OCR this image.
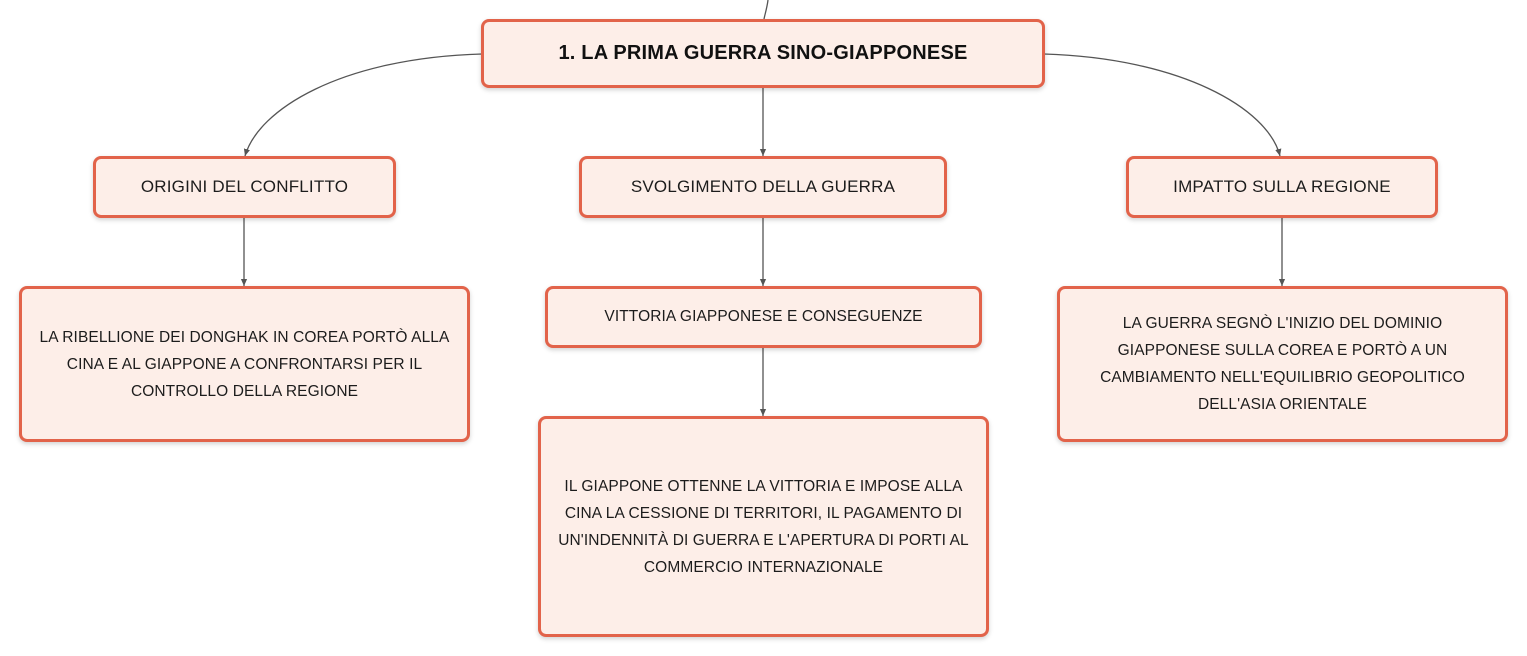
1. LA PRIMA GUERRA SINO-GIAPPONESE
ORIGINI DEL CONFLITTO	SVOLGIMENTO DELLA GUERRA	IMPATTO SULLA REGIONE
LA RIBELLIONE DEI DONGHAK IN COREA PORTÒ ALLA CINA E AL GIAPPONE A CONFRONTARSI PER IL CONTROLLO DELLA REGIONE
VITTORIA GIAPPONESE E CONSEGUENZE
IL GIAPPONE OTTENNE LA VITTORIA E IMPOSE ALLA CINA LA CESSIONE DI TERRITORI, IL PAGAMENTO DI UN'INDENNITÀ DI GUERRA E L'APERTURA DI PORTI AL COMMERCIO INTERNAZIONALE
LA GUERRA SEGNÒ L'INIZIO DEL DOMINIO GIAPPONESE SULLA COREA E PORTÒ A UN CAMBIAMENTO NELL'EQUILIBRIO GEOPOLITICO DELL'ASIA ORIENTALE
